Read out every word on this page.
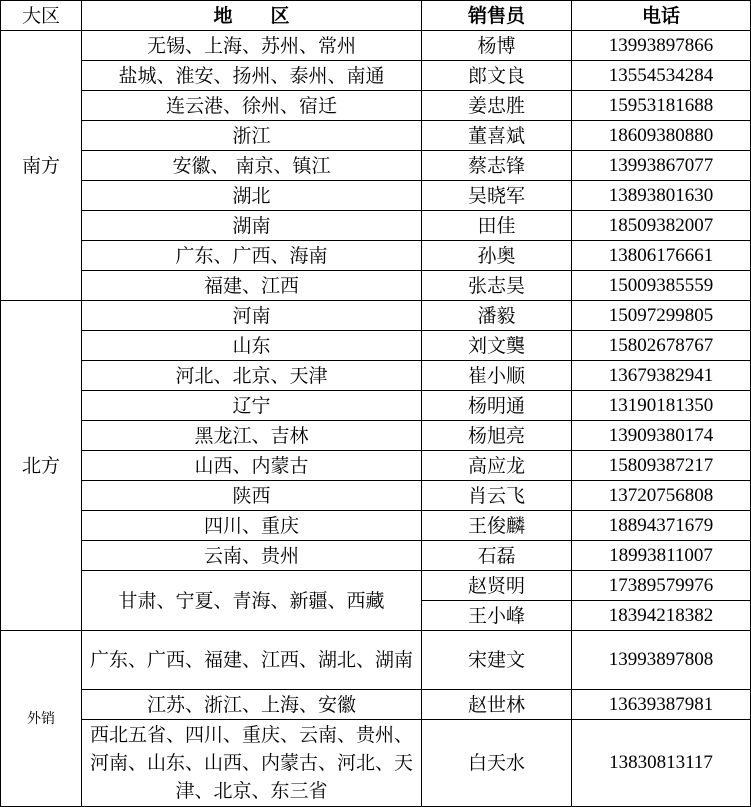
大区	地　　区	销售员	电话
南方	无锡、上海、苏州、常州	杨博	13993897866
	盐城、淮安、扬州、泰州、南通	郎文良	13554534284
	连云港、徐州、宿迁	姜忠胜	15953181688
	浙江	董喜斌	18609380880
	安徽、 南京、镇江	蔡志锋	13993867077
	湖北	吴晓军	13893801630
	湖南	田佳	18509382007
	广东、广西、海南	孙奥	13806176661
	福建、江西	张志昊	15009385559
北方	河南	潘毅	15097299805
	山东	刘文龑	15802678767
	河北、北京、天津	崔小顺	13679382941
	辽宁	杨明通	13190181350
	黑龙江、吉林	杨旭亮	13909380174
	山西、内蒙古	高应龙	15809387217
	陕西	肖云飞	13720756808
	四川、重庆	王俊麟	18894371679
	云南、贵州	石磊	18993811007
	甘肃、宁夏、青海、新疆、西藏	赵贤明	17389579976
		王小峰	18394218382
外销	广东、广西、福建、江西、湖北、湖南	宋建文	13993897808
	江苏、浙江、上海、安徽	赵世林	13639387981
	西北五省、四川、重庆、云南、贵州、河南、山东、山西、内蒙古、河北、天津、北京、东三省	白天水	13830813117
